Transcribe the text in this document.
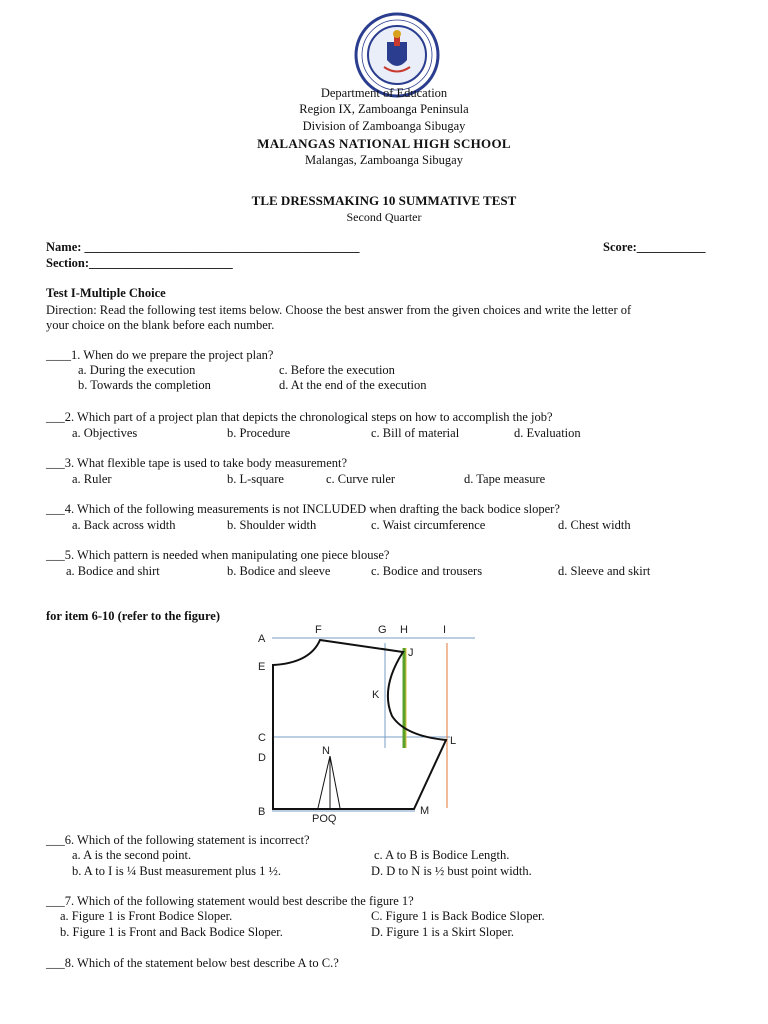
Department of Education
Region IX, Zamboanga Peninsula
Division of Zamboanga Sibugay
MALANGAS NATIONAL HIGH SCHOOL
Malangas, Zamboanga Sibugay
TLE DRESSMAKING 10 SUMMATIVE TEST
Second Quarter
Name: ____________________________________________	Score:___________
Section:_______________________
Test I-Multiple Choice
Direction: Read the following test items below. Choose the best answer from the given choices and write the letter of
your choice on the blank before each number.
____1. When do we prepare the project plan?
a. During the execution	c. Before the execution
b. Towards the completion	d. At the end of the execution
___2. Which part of a project plan that depicts the chronological steps on how to accomplish the job?
a. Objectives	b. Procedure	c. Bill of material	d. Evaluation
___3. What flexible tape is used to take body measurement?
a. Ruler	b. L-square	c. Curve ruler	d. Tape measure
___4. Which of the following measurements is not INCLUDED when drafting the back bodice sloper?
a. Back across width	b. Shoulder width	c. Waist circumference	d. Chest width
___5. Which pattern is needed when manipulating one piece blouse?
a. Bodice and shirt	b. Bodice and sleeve	c. Bodice and trousers	d. Sleeve and skirt
for item 6-10 (refer to the figure)
A
E
C
D
B
F	G H	I
J
K
L
N
M
POQ
___6. Which of the following statement is incorrect?
a. A is the second point.	c. A to B is Bodice Length.
b. A to I is ¼ Bust measurement plus 1 ½.	D. D to N is ½ bust point width.
___7. Which of the following statement would best describe the figure 1?
a. Figure 1 is Front Bodice Sloper.	C. Figure 1 is Back Bodice Sloper.
b. Figure 1 is Front and Back Bodice Sloper.	D. Figure 1 is a Skirt Sloper.
___8. Which of the statement below best describe A to C.?
